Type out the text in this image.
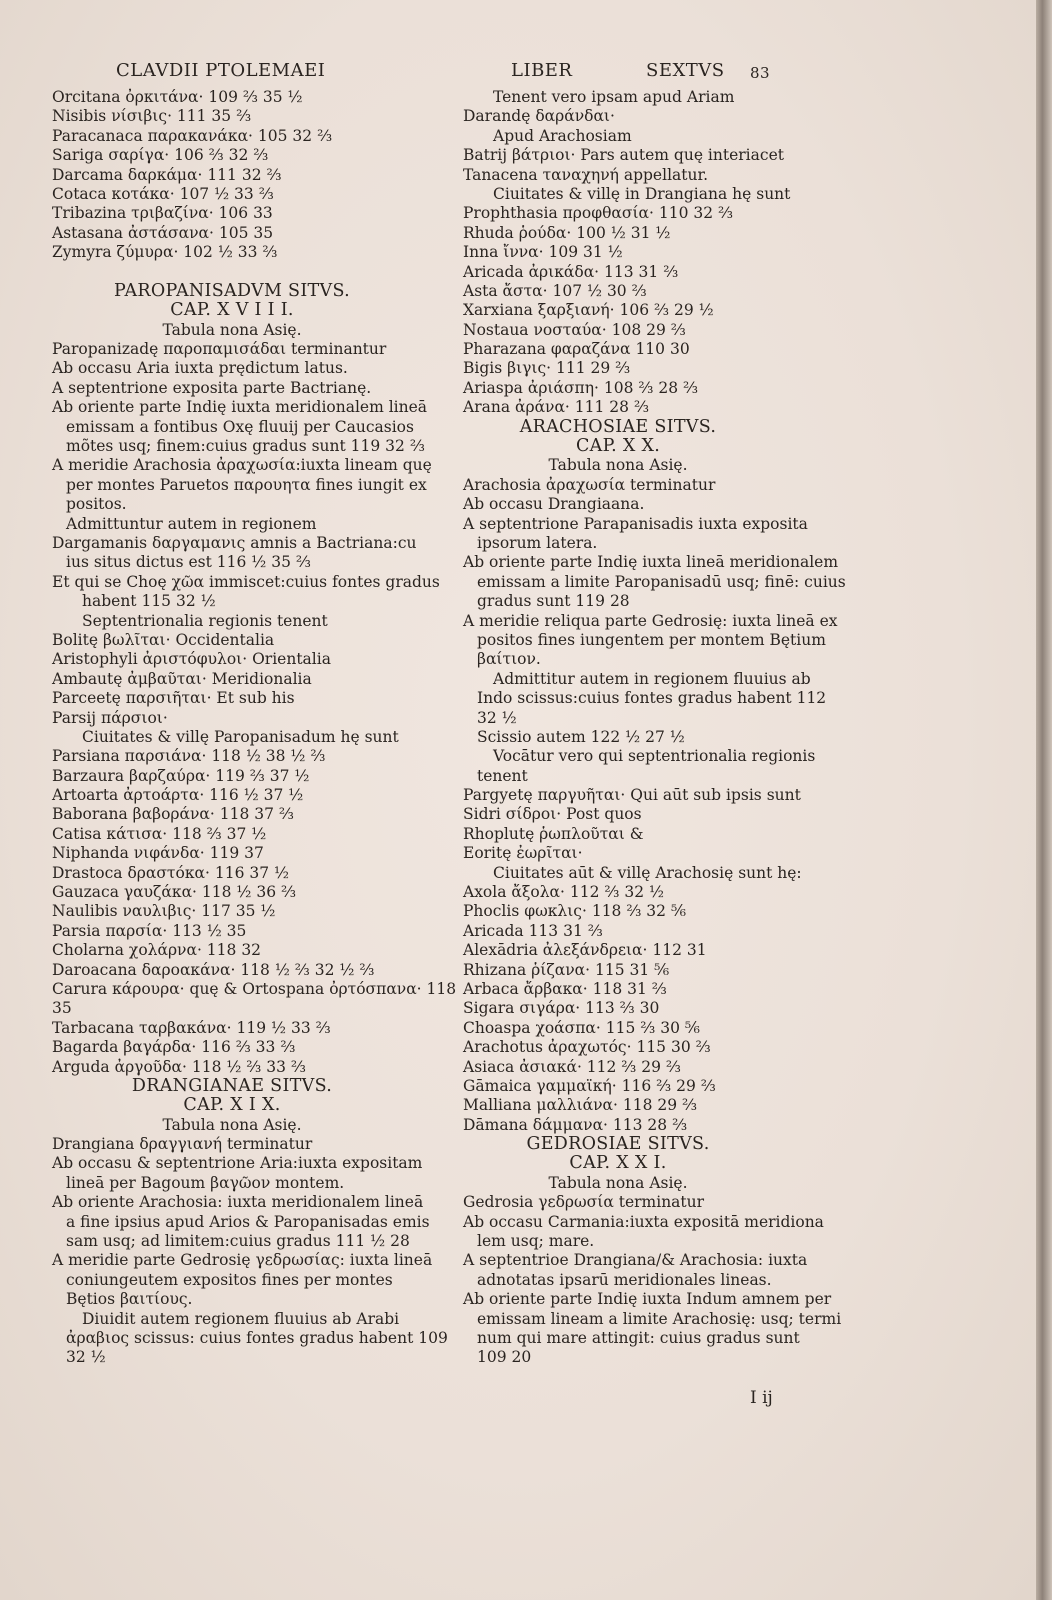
CLAVDII PTOLEMAEI	LIBER	SEXTVS 83
Orcitana ὀρκιτάνα· 109 ⅔ 35 ½
Nisibis νίσιβις· 111 35 ⅔
Paracanaca παρακανάκα· 105 32 ⅔
Sariga σαρίγα· 106 ⅔ 32 ⅔
Darcama δαρκάμα· 111 32 ⅔
Cotaca κοτάκα· 107 ½ 33 ⅔
Tribazina τριβαζίνα· 106 33
Astasana ἀστάσανα· 105 35
Zymyra ζύμυρα· 102 ½ 33 ⅔
PAROPANISADVM SITVS.
CAP. X V I I I.
Tabula nona Asię.
Paropanizadę παροπαμισάδαι terminantur
Ab occasu Aria iuxta prędictum latus.
A septentrione exposita parte Bactrianę.
Ab oriente parte Indię iuxta meridionalem lineā
emissam a fontibus Oxę fluuij per Caucasios
mõtes usq; finem:cuius gradus sunt 119 32 ⅔
A meridie Arachosia ἀραχωσία:iuxta lineam quę
per montes Paruetos παρουητα fines iungit ex
positos.
Admittuntur autem in regionem
Dargamanis δαργαμανις amnis a Bactriana:cu
ius situs dictus est 116 ½ 35 ⅔
Et qui se Choę χῶα immiscet:cuius fontes gradus
habent 115 32 ½
Septentrionalia regionis tenent
Bolitę βωλῖται· Occidentalia
Aristophyli ἀριστόφυλοι· Orientalia
Ambautę ἀμβαῦται· Meridionalia
Parceetę παρσιῆται· Et sub his
Parsij πάρσιοι·
Ciuitates & villę Paropanisadum hę sunt
Parsiana παρσιάνα· 118 ½ 38 ½ ⅔
Barzaura βαρζαύρα· 119 ⅔ 37 ½
Artoarta ἀρτοάρτα· 116 ½ 37 ½
Baborana βαβοράνα· 118 37 ⅔
Catisa κάτισα· 118 ⅔ 37 ½
Niphanda νιφάνδα· 119 37
Drastoca δραστόκα· 116 37 ½
Gauzaca γαυζάκα· 118 ½ 36 ⅔
Naulibis ναυλιβις· 117 35 ½
Parsia παρσία· 113 ½ 35
Cholarna χολάρνα· 118 32
Daroacana δαροακάνα· 118 ½ ⅔ 32 ½ ⅔
Carura κάρουρα· quę & Ortospana ὀρτόσπανα· 118
35
Tarbacana ταρβακάνα· 119 ½ 33 ⅔
Bagarda βαγάρδα· 116 ⅔ 33 ⅔
Arguda ἀργοῦδα· 118 ½ ⅔ 33 ⅔
DRANGIANAE SITVS.
CAP. X I X.
Tabula nona Asię.
Drangiana δραγγιανή terminatur
Ab occasu & septentrione Aria:iuxta expositam
lineā per Bagoum βαγῶον montem.
Ab oriente Arachosia: iuxta meridionalem lineā
a fine ipsius apud Arios & Paropanisadas emis
sam usq; ad limitem:cuius gradus 111 ½ 28
A meridie parte Gedrosię γεδρωσίας: iuxta lineā
coniungeutem expositos fines per montes
Bętios βαιτίους.
Diuidit autem regionem fluuius ab Arabi
ἀραβιος scissus: cuius fontes gradus habent 109
32 ½
Tenent vero ipsam apud Ariam
Darandę δαράνδαι·
Apud Arachosiam
Batrij βάτριοι· Pars autem quę interiacet
Tanacena ταναχηνή appellatur.
Ciuitates & villę in Drangiana hę sunt
Prophthasia προφθασία· 110 32 ⅔
Rhuda ῥούδα· 100 ½ 31 ½
Inna ἴννα· 109 31 ½
Aricada ἀρικάδα· 113 31 ⅔
Asta ἄστα· 107 ½ 30 ⅔
Xarxiana ξαρξιανή· 106 ⅔ 29 ½
Nostaua νοσταύα· 108 29 ⅔
Pharazana φαραζάνα 110 30
Bigis βιγις· 111 29 ⅔
Ariaspa ἀριάσπη· 108 ⅔ 28 ⅔
Arana ἀράνα· 111 28 ⅔
ARACHOSIAE SITVS.
CAP. X X.
Tabula nona Asię.
Arachosia ἀραχωσία terminatur
Ab occasu Drangiaana.
A septentrione Parapanisadis iuxta exposita
ipsorum latera.
Ab oriente parte Indię iuxta lineā meridionalem
emissam a limite Paropanisadū usq; finē: cuius
gradus sunt 119 28
A meridie reliqua parte Gedrosię: iuxta lineā ex
positos fines iungentem per montem Bętium
βαίτιον.
Admittitur autem in regionem fluuius ab
Indo scissus:cuius fontes gradus habent 112
32 ½
Scissio autem 122 ½ 27 ½
Vocātur vero qui septentrionalia regionis
tenent
Pargyetę παργυῆται· Qui aūt sub ipsis sunt
Sidri σίδροι· Post quos
Rhoplutę ῥωπλοῦται &
Eoritę ἐωρῖται·
Ciuitates aūt & villę Arachosię sunt hę:
Axola ἄξολα· 112 ⅔ 32 ½
Phoclis φωκλις· 118 ⅔ 32 ⅚
Aricada 113 31 ⅔
Alexādria ἀλεξάνδρεια· 112 31
Rhizana ῥίζανα· 115 31 ⅚
Arbaca ἄρβακα· 118 31 ⅔
Sigara σιγάρα· 113 ⅔ 30
Choaspa χοάσπα· 115 ⅔ 30 ⅚
Arachotus ἀραχωτός· 115 30 ⅔
Asiaca ἀσιακά· 112 ⅔ 29 ⅔
Gāmaica γαμμαϊκή· 116 ⅔ 29 ⅔
Malliana μαλλιάνα· 118 29 ⅔
Dāmana δάμμανα· 113 28 ⅔
GEDROSIAE SITVS.
CAP. X X I.
Tabula nona Asię.
Gedrosia γεδρωσία terminatur
Ab occasu Carmania:iuxta expositā meridiona
lem usq; mare.
A septentrioe Drangiana/& Arachosia: iuxta
adnotatas ipsarū meridionales lineas.
Ab oriente parte Indię iuxta Indum amnem per
emissam lineam a limite Arachosię: usq; termi
num qui mare attingit: cuius gradus sunt
109 20
I ij
